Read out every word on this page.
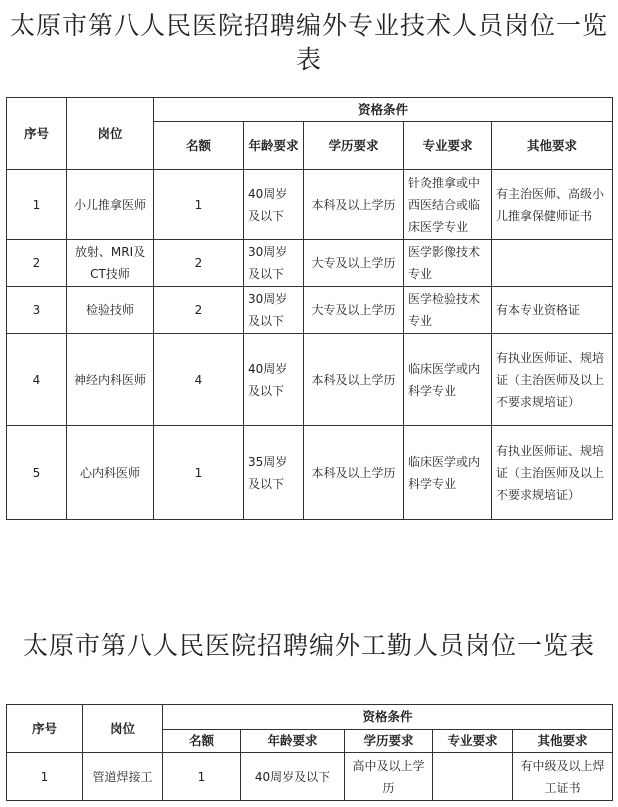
太原市第八人民医院招聘编外专业技术人员岗位一览
表
序号	岗位	资格条件				
		名额	年龄要求	学历要求	专业要求	其他要求
1	小儿推拿医师	1	40周岁及以下	本科及以上学历	针灸推拿或中西医结合或临床医学专业	有主治医师、高级小儿推拿保健师证书
2	放射、MRI及CT技师	2	30周岁及以下	大专及以上学历	医学影像技术专业	
3	检验技师	2	30周岁及以下	大专及以上学历	医学检验技术专业	有本专业资格证
4	神经内科医师	4	40周岁及以下	本科及以上学历	临床医学或内科学专业	有执业医师证、规培证（主治医师及以上不要求规培证）
5	心内科医师	1	35周岁及以下	本科及以上学历	临床医学或内科学专业	有执业医师证、规培证（主治医师及以上不要求规培证）
太原市第八人民医院招聘编外工勤人员岗位一览表
序号	岗位	资格条件				
		名额	年龄要求	学历要求	专业要求	其他要求
1	管道焊接工	1	40周岁及以下	高中及以上学历		有中级及以上焊工证书
